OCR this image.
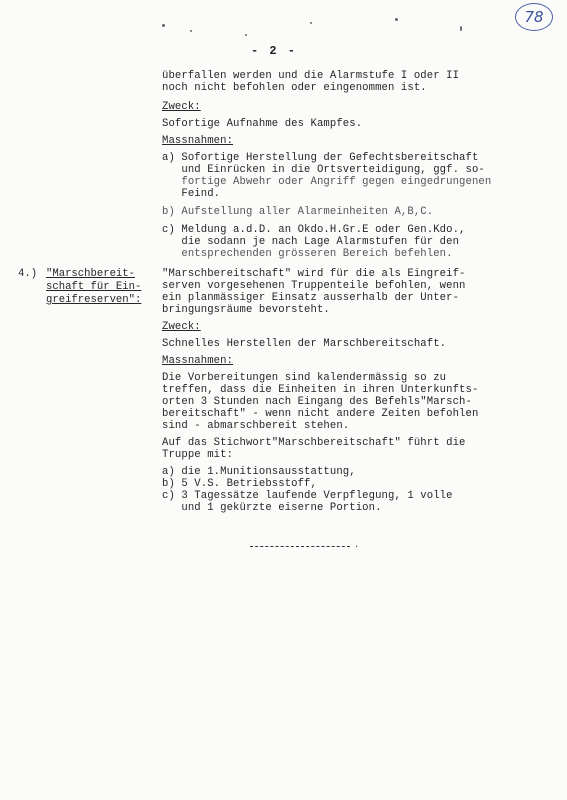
78
- 2 -
überfallen werden und die Alarmstufe I oder II
noch nicht befohlen oder eingenommen ist.
Zweck:
Sofortige Aufnahme des Kampfes.
Massnahmen:
a) Sofortige Herstellung der Gefechtsbereitschaft
und Einrücken in die Ortsverteidigung, ggf. so-
fortige Abwehr oder Angriff gegen eingedrungenen
Feind.
b) Aufstellung aller Alarmeinheiten A,B,C.
c) Meldung a.d.D. an Okdo.H.Gr.E oder Gen.Kdo.,
die sodann je nach Lage Alarmstufen für den
entsprechenden grösseren Bereich befehlen.
4.) "Marschbereit-
schaft für Ein-
greifreserven":
"Marschbereitschaft" wird für die als Eingreif-
serven vorgesehenen Truppenteile befohlen, wenn
ein planmässiger Einsatz ausserhalb der Unter-
bringungsräume bevorsteht.
Zweck:
Schnelles Herstellen der Marschbereitschaft.
Massnahmen:
Die Vorbereitungen sind kalendermässig so zu
treffen, dass die Einheiten in ihren Unterkunfts-
orten 3 Stunden nach Eingang des Befehls"Marsch-
bereitschaft" - wenn nicht andere Zeiten befohlen
sind - abmarschbereit stehen.
Auf das Stichwort"Marschbereitschaft" führt die
Truppe mit:
a) die 1.Munitionsausstattung,
b) 5 V.S. Betriebsstoff,
c) 3 Tagessätze laufende Verpflegung, 1 volle
und 1 gekürzte eiserne Portion.
·
